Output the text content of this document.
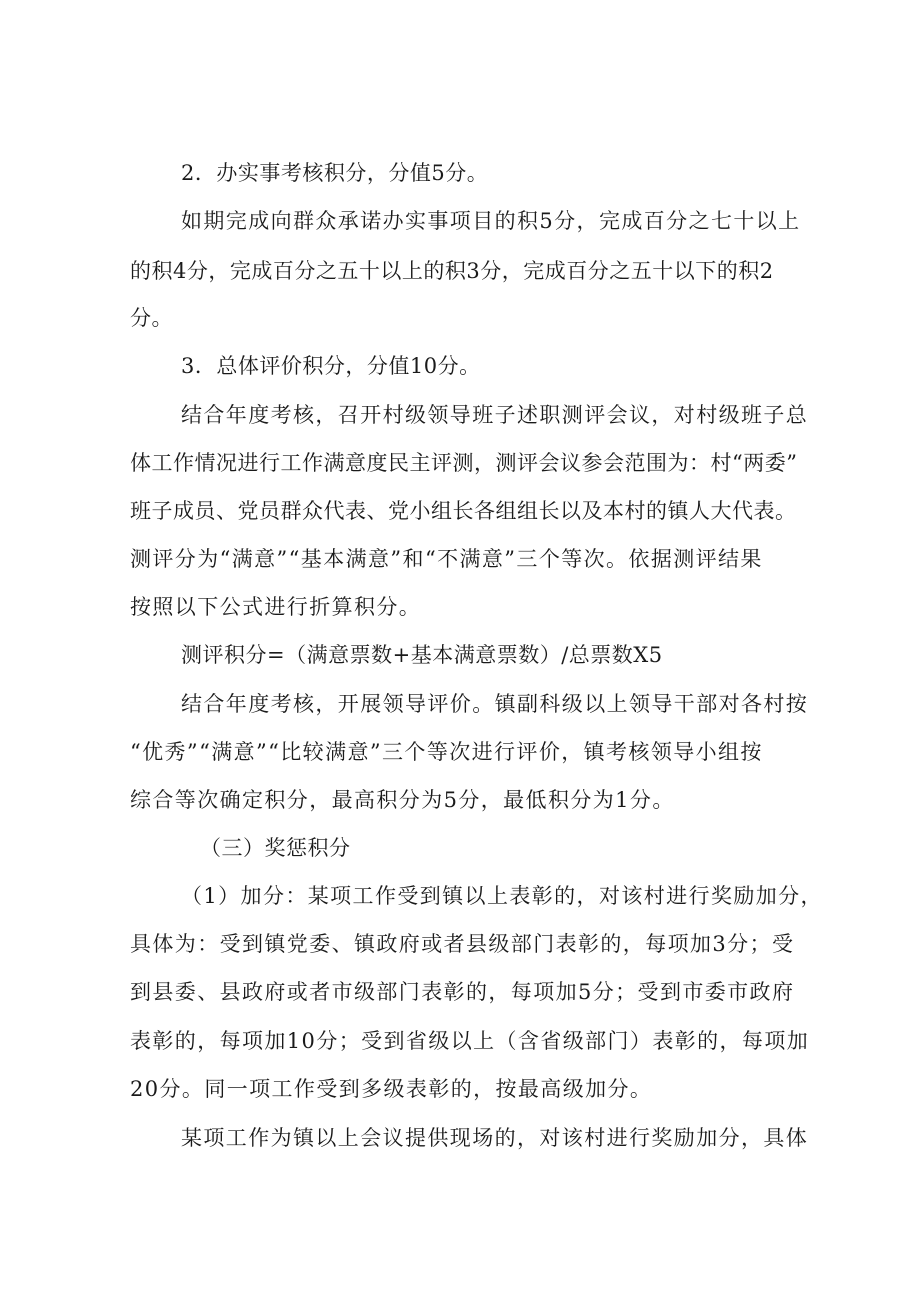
2．办实事考核积分，分值5分。
如期完成向群众承诺办实事项目的积5分，完成百分之七十以上
的积4分，完成百分之五十以上的积3分，完成百分之五十以下的积2
分。
3．总体评价积分，分值10分。
结合年度考核，召开村级领导班子述职测评会议，对村级班子总
体工作情况进行工作满意度民主评测，测评会议参会范围为：村“两委”
班子成员、党员群众代表、党小组长各组组长以及本村的镇人大代表。
测评分为“满意”“基本满意”和“不满意”三个等次。依据测评结果
按照以下公式进行折算积分。
测评积分=（满意票数+基本满意票数）/总票数X5
结合年度考核，开展领导评价。镇副科级以上领导干部对各村按
“优秀”“满意”“比较满意”三个等次进行评价，镇考核领导小组按
综合等次确定积分，最高积分为5分，最低积分为1分。
（三）奖惩积分
（1）加分：某项工作受到镇以上表彰的，对该村进行奖励加分，
具体为：受到镇党委、镇政府或者县级部门表彰的，每项加3分；受
到县委、县政府或者市级部门表彰的，每项加5分；受到市委市政府
表彰的，每项加10分；受到省级以上（含省级部门）表彰的，每项加
20分。同一项工作受到多级表彰的，按最高级加分。
某项工作为镇以上会议提供现场的，对该村进行奖励加分，具体
